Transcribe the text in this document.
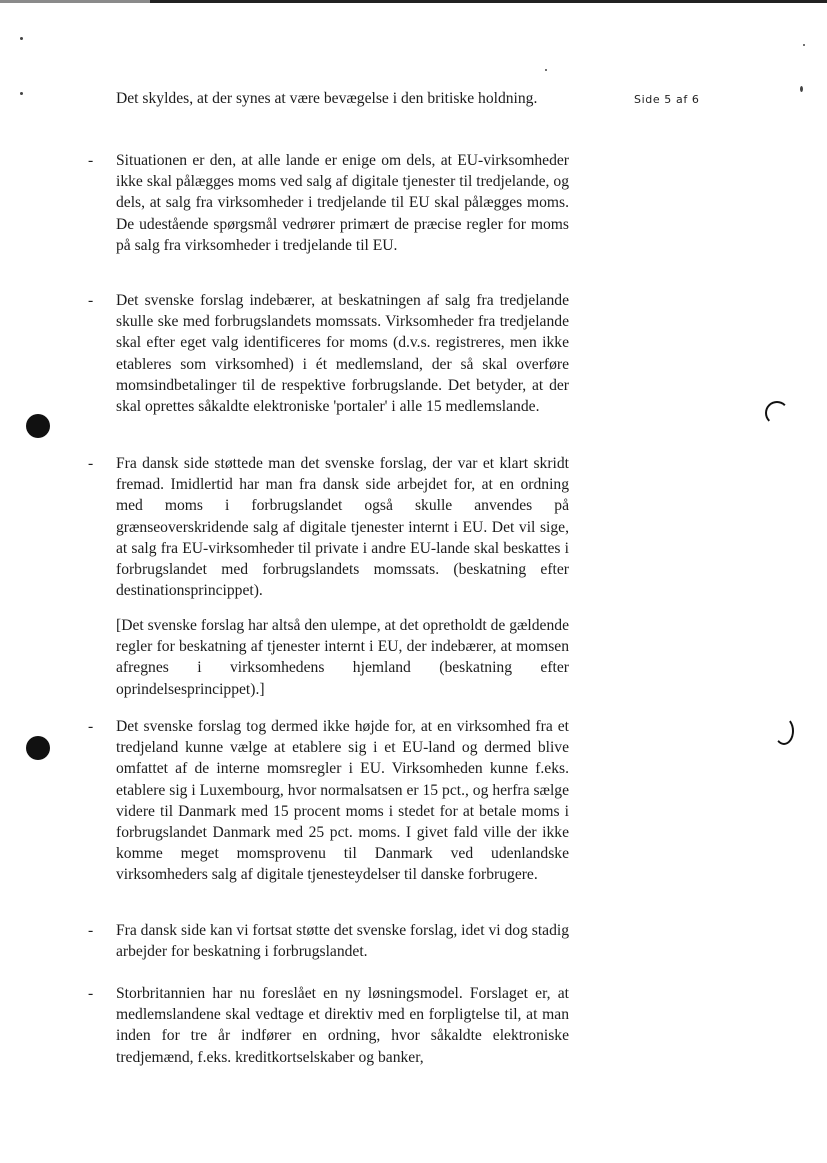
Side 5 af 6

Det skyldes, at der synes at være bevægelse i den britiske holdning.

- Situationen er den, at alle lande er enige om dels, at EU-virksomheder ikke skal pålægges moms ved salg af digitale tjenester til tredjelande, og dels, at salg fra virksomheder i tredjelande til EU skal pålægges moms. De udestående spørgsmål vedrører primært de præcise regler for moms på salg fra virksomheder i tredjelande til EU.

- Det svenske forslag indebærer, at beskatningen af salg fra tredjelande skulle ske med forbrugslandets momssats. Virksomheder fra tredjelande skal efter eget valg identificeres for moms (d.v.s. registreres, men ikke etableres som virksomhed) i ét medlemsland, der så skal overføre momsindbetalinger til de respektive forbrugslande. Det betyder, at der skal oprettes såkaldte elektroniske 'portaler' i alle 15 medlemslande.

- Fra dansk side støttede man det svenske forslag, der var et klart skridt fremad. Imidlertid har man fra dansk side arbejdet for, at en ordning med moms i forbrugslandet også skulle anvendes på grænseoverskridende salg af digitale tjenester internt i EU. Det vil sige, at salg fra EU-virksomheder til private i andre EU-lande skal beskattes i forbrugslandet med forbrugslandets momssats. (beskatning efter destinationsprincippet).

[Det svenske forslag har altså den ulempe, at det opretholdt de gældende regler for beskatning af tjenester internt i EU, der indebærer, at momsen afregnes i virksomhedens hjemland (beskatning efter oprindelsesprincippet).]

- Det svenske forslag tog dermed ikke højde for, at en virksomhed fra et tredjeland kunne vælge at etablere sig i et EU-land og dermed blive omfattet af de interne momsregler i EU. Virksomheden kunne f.eks. etablere sig i Luxembourg, hvor normalsatsen er 15 pct., og herfra sælge videre til Danmark med 15 procent moms i stedet for at betale moms i forbrugslandet Danmark med 25 pct. moms. I givet fald ville der ikke komme meget momsprovenu til Danmark ved udenlandske virksomheders salg af digitale tjenesteydelser til danske forbrugere.

- Fra dansk side kan vi fortsat støtte det svenske forslag, idet vi dog stadig arbejder for beskatning i forbrugslandet.

- Storbritannien har nu foreslået en ny løsningsmodel. Forslaget er, at medlemslandene skal vedtage et direktiv med en forpligtelse til, at man inden for tre år indfører en ordning, hvor såkaldte elektroniske tredjemænd, f.eks. kreditkortselskaber og banker,
